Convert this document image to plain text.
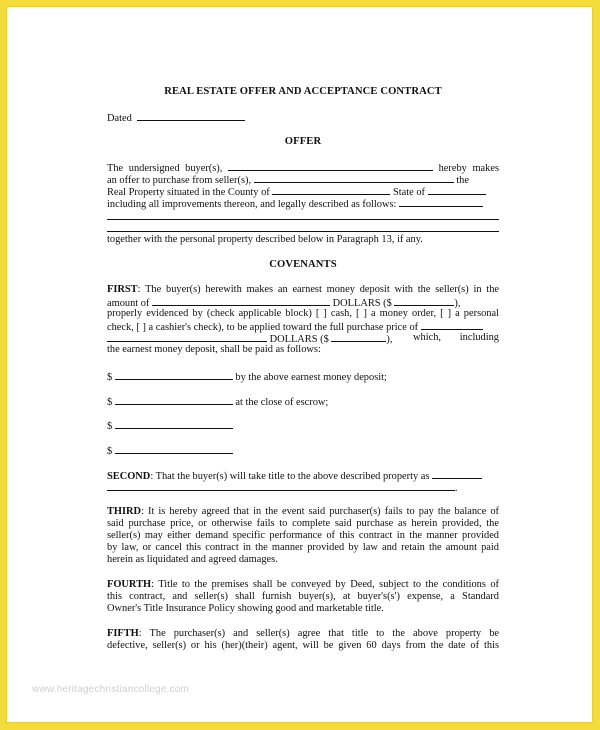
REAL ESTATE OFFER AND ACCEPTANCE CONTRACT
Dated
OFFER
The undersigned buyer(s),	hereby makes
an offer to purchase from seller(s),	the
Real Property situated in the County of	State of
including all improvements thereon, and legally described as follows:
together with the personal property described below in Paragraph 13, if any.
COVENANTS
FIRST: The buyer(s) herewith makes an earnest money deposit with the seller(s) in the
amount of	DOLLARS ($	),
properly evidenced by (check applicable block) [ ] cash, [ ] a money order, [ ] a personal
check, [ ] a cashier's check), to be applied toward the full purchase price of
DOLLARS ($	), which, including
the earnest money deposit, shall be paid as follows:
$	by the above earnest money deposit;
$	at the close of escrow;
$
$
SECOND: That the buyer(s) will take title to the above described property as
.
THIRD: It is hereby agreed that in the event said purchaser(s) fails to pay the balance of
said purchase price, or otherwise fails to complete said purchase as herein provided, the
seller(s) may either demand specific performance of this contract in the manner provided
by law, or cancel this contract in the manner provided by law and retain the amount paid
herein as liquidated and agreed damages.
FOURTH: Title to the premises shall be conveyed by Deed, subject to the conditions of
this contract, and seller(s) shall furnish buyer(s), at buyer's(s') expense, a Standard
Owner's Title Insurance Policy showing good and marketable title.
FIFTH: The purchaser(s) and seller(s) agree that title to the above property be
defective, seller(s) or his (her)(their) agent, will be given 60 days from the date of this
www.heritagechristiancollege.com
